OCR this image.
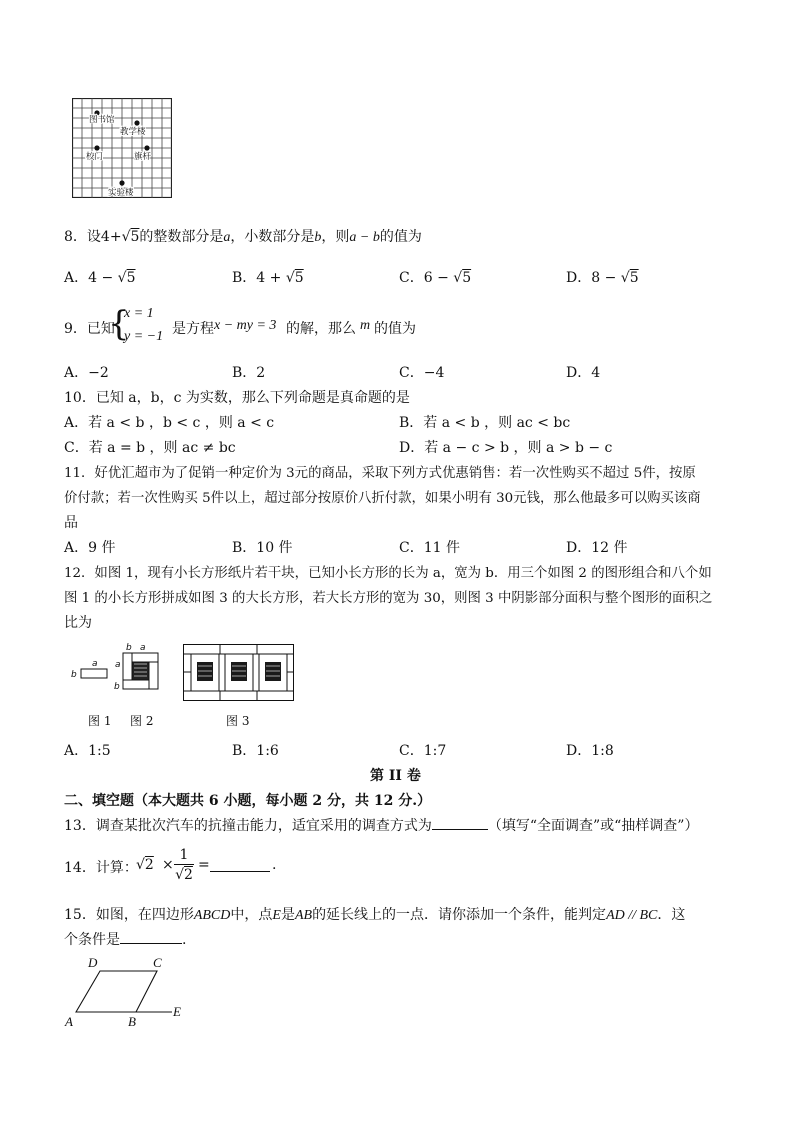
图书馆
教学楼
校门	旗杆
实验楼
8．设4+√5的整数部分是a，小数部分是b，则a − b的值为
A．4 − √5	B．4 + √5	C．6 − √5	D．8 − √5
9．已知
{
x = 1
y = −1 是方程 x − my = 3 的解，那么 m 的值为
A．−2	B．2	C．−4	D．4
10．已知 a，b，c 为实数，那么下列命题是真命题的是
A．若 a < b ，b < c ，则 a < c	B．若 a < b ，则 ac < bc
C．若 a = b ，则 ac ≠ bc	D．若 a − c > b ，则 a > b − c
11．好优汇超市为了促销一种定价为 3元的商品，采取下列方式优惠销售：若一次性购买不超过 5件，按原
价付款；若一次性购买 5件以上，超过部分按原价八折付款，如果小明有 30元钱，那么他最多可以购买该商
品
A．9 件	B．10 件	C．11 件	D．12 件
12．如图 1，现有小长方形纸片若干块，已知小长方形的长为 a，宽为 b．用三个如图 2 的图形组合和八个如
图 1 的小长方形拼成如图 3 的大长方形，若大长方形的宽为 30，则图 3 中阴影部分面积与整个图形的面积之
比为
a
b
b a
a
b
图 1 图 2	图 3
A．1:5	B．1:6	C．1:7	D．1:8
第 II 卷
二、填空题（本大题共 6 小题，每小题 2 分，共 12 分.）
13．调查某批次汽车的抗撞击能力，适宜采用的调查方式为	（填写“全面调查”或“抽样调查”）
14．计算：
√2 ×
1
√2
=	.
15．如图，在四边形ABCD中，点E是AB的延长线上的一点．请你添加一个条件，能判定AD // BC．这
个条件是	.
D	C
A	B
E
